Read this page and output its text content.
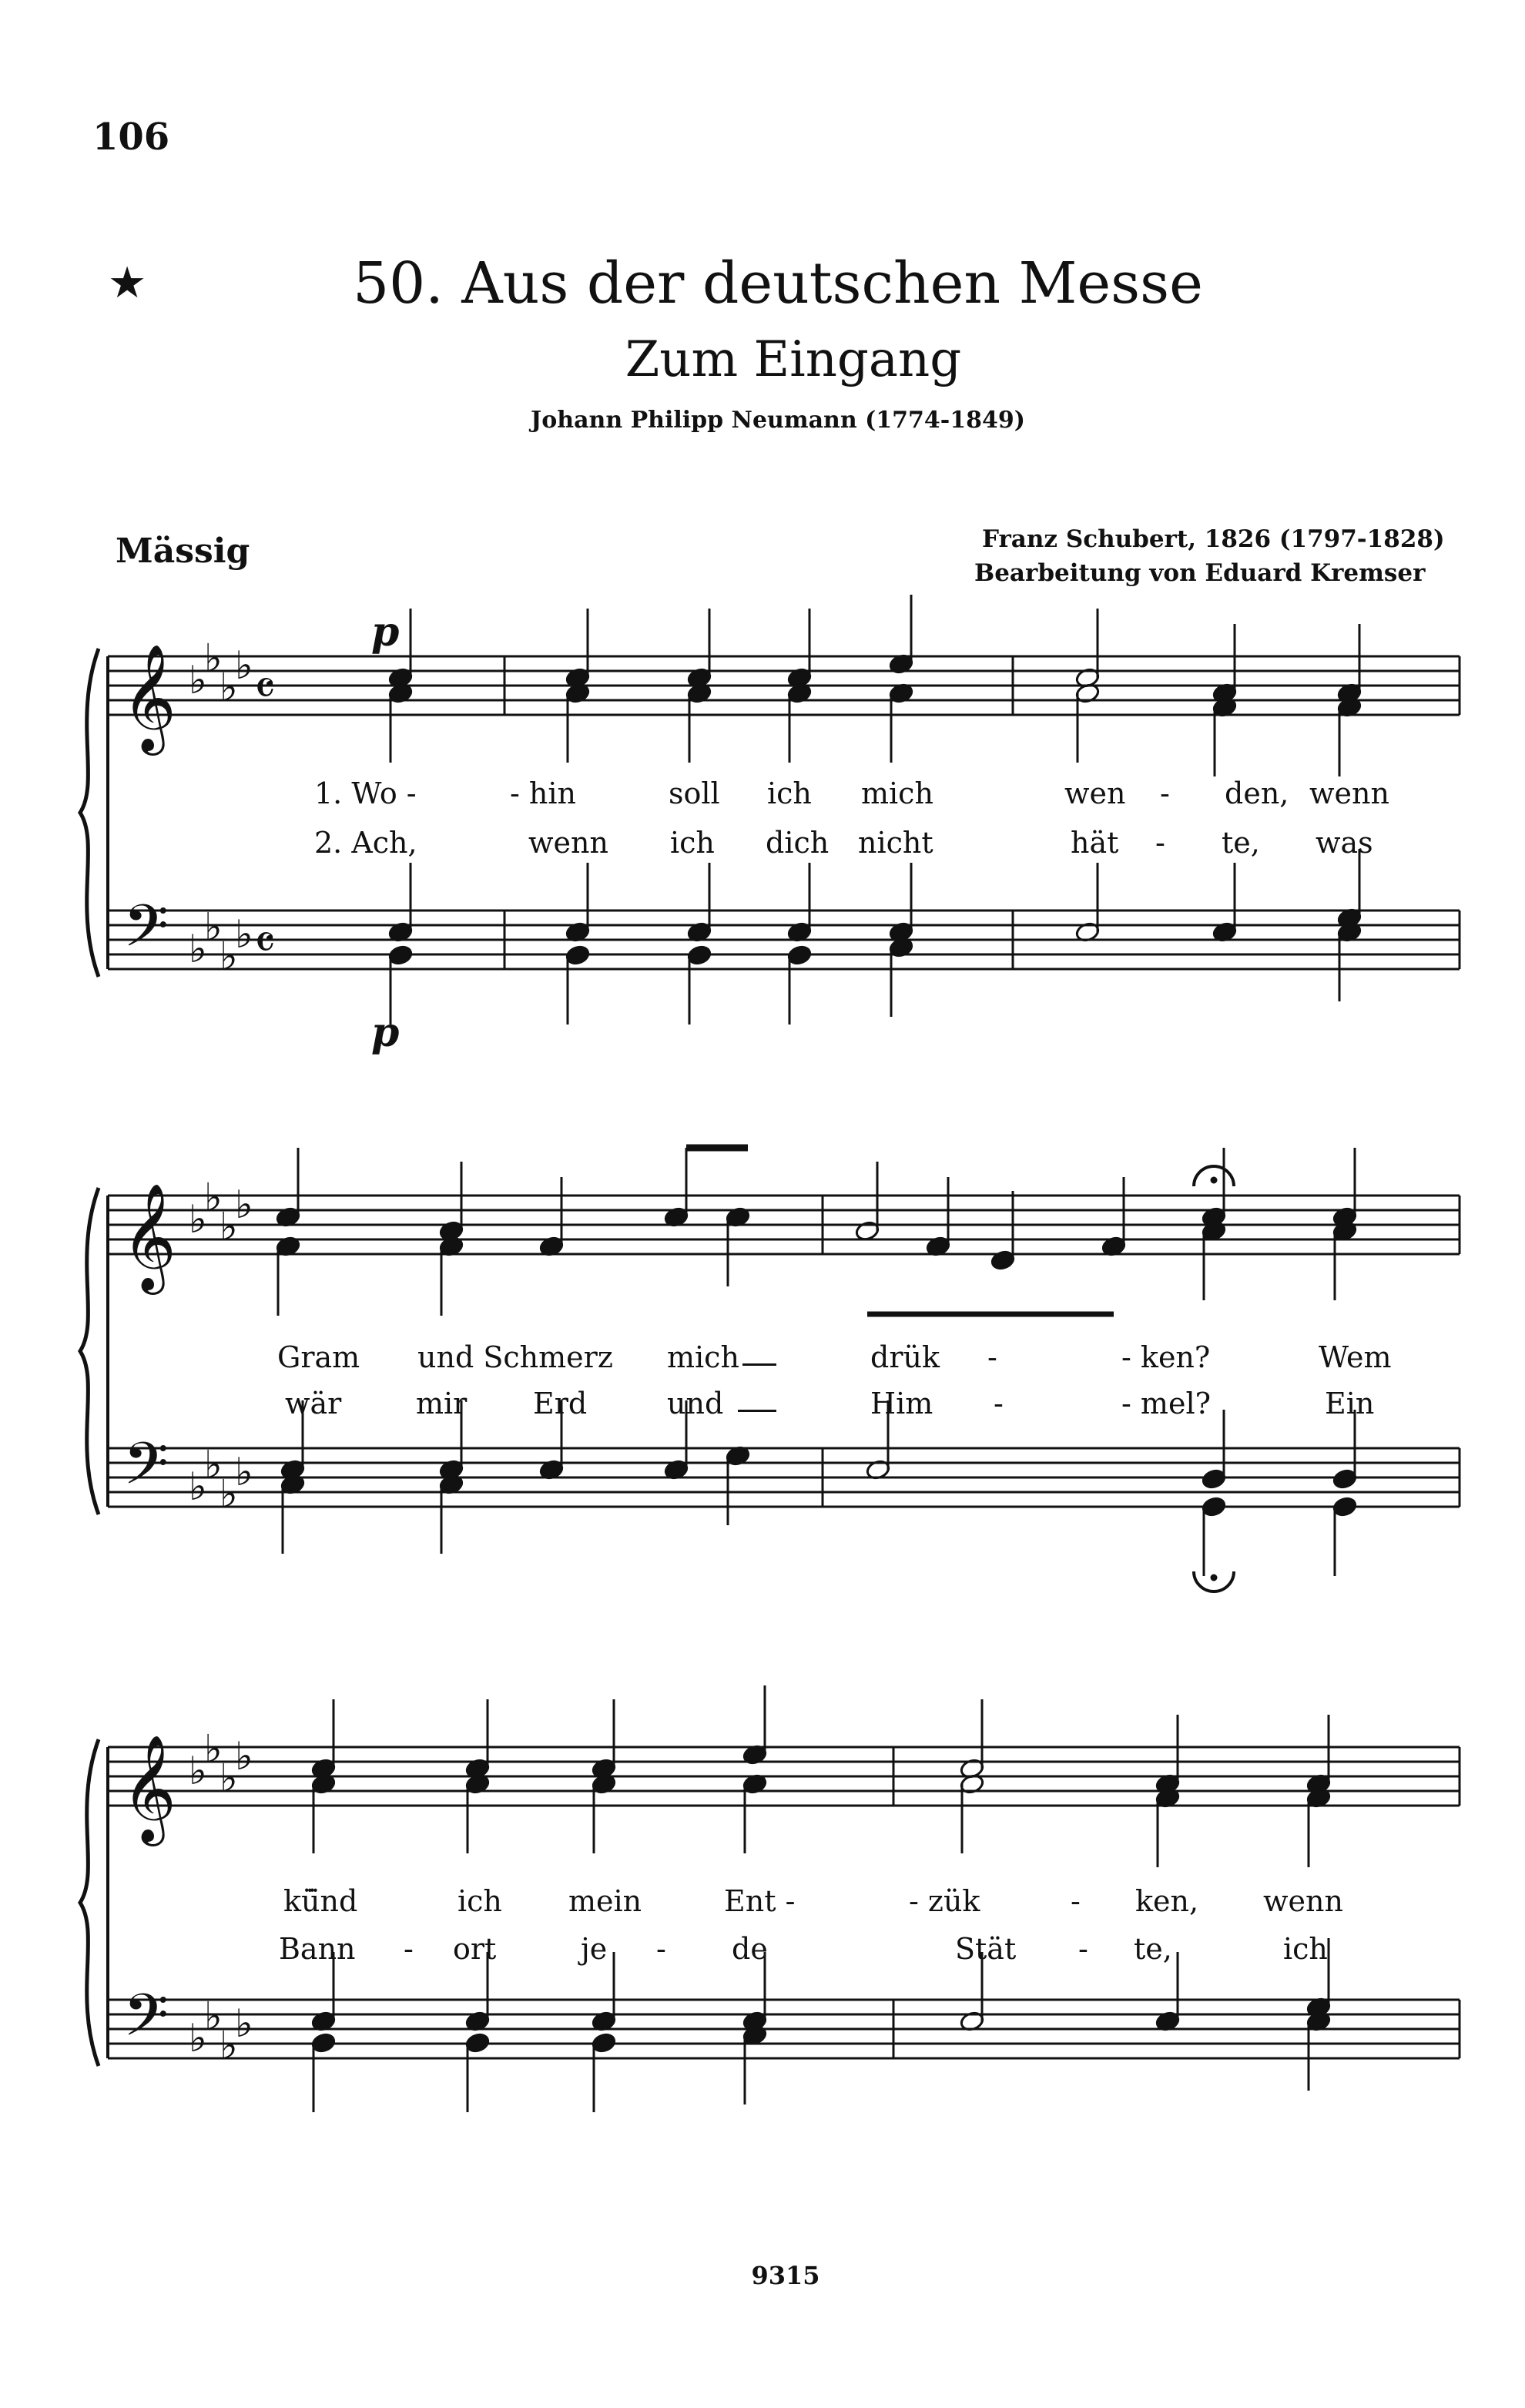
106
★	50. Aus der deutschen Messe
Zum Eingang
Johann Philipp Neumann (1774-1849)
Mässig	Franz Schubert, 1826 (1797-1828)
Bearbeitung von Eduard Kremser
𝄞
𝄢
♭
♭
♭
♭
♭
♭
♭
♭
𝄴
𝄴
𝄞
𝄢
♭
♭
♭
♭
♭
♭
♭
♭
𝄞
𝄢
♭
♭
♭
♭
♭
♭
♭
♭
p
p
1. Wo -	- hin	soll ich mich	wen - den, wenn
2. Ach,	wenn ich dich nicht	hät - te, was
Gram und Schmerz mich	drük -	- ken?	Wem
wär	mir Erd	und	Him -	- mel?	Ein
kü̈nd	ich mein	Ent -	- zük	- ken, wenn
Bann - ort	je - de	Stät - te,	ich
9315
